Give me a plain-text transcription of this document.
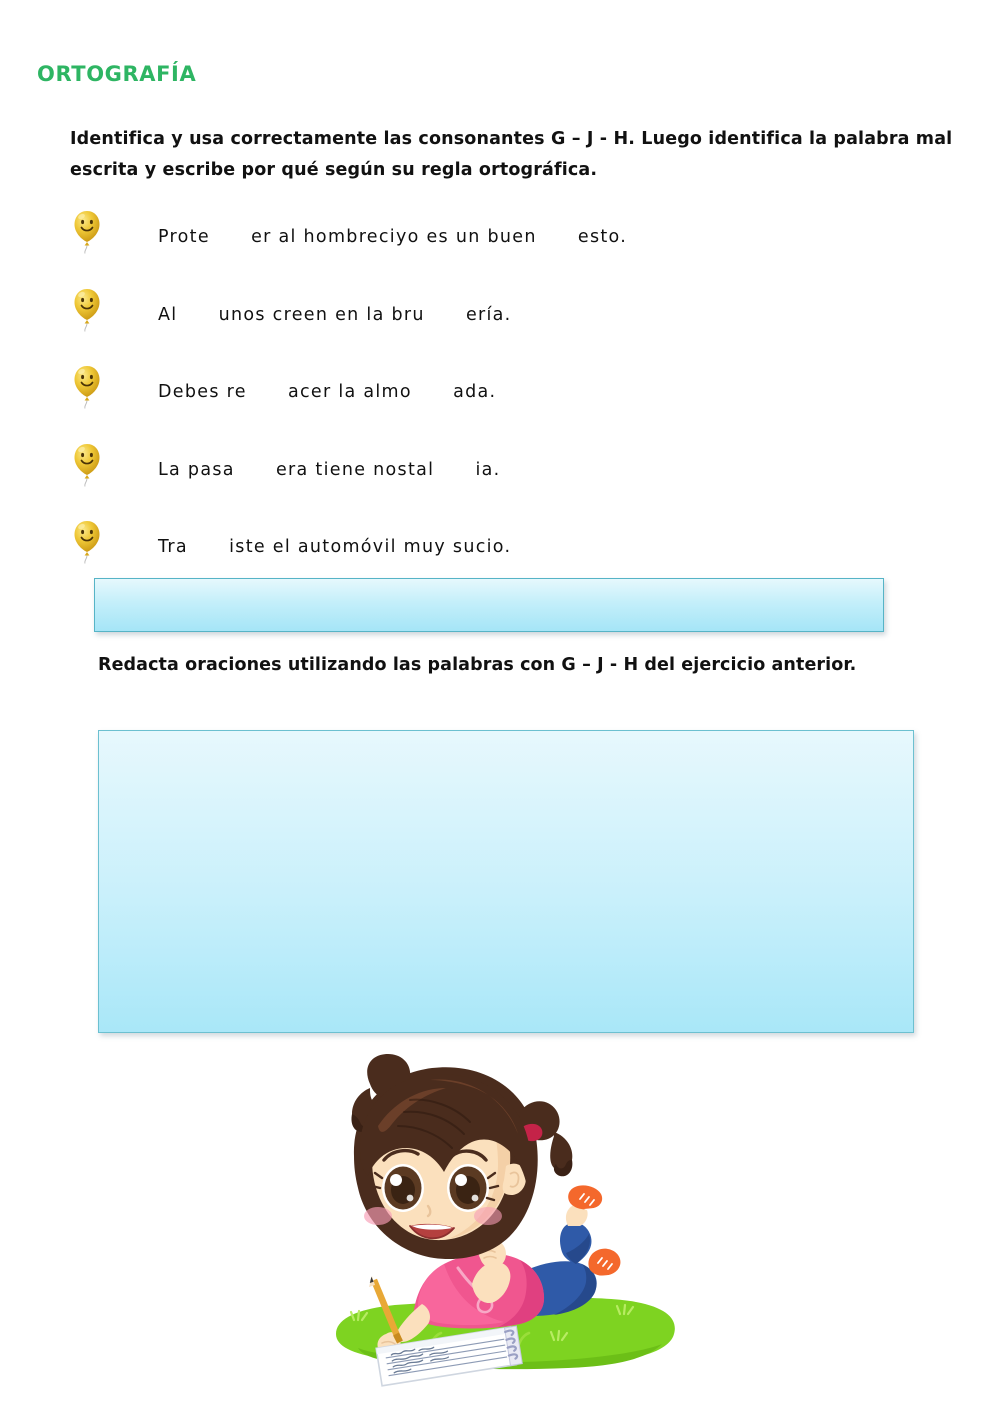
ORTOGRAFÍA
Identifica y usa correctamente las consonantes G – J - H. Luego identifica la palabra mal escrita y escribe por qué según su regla ortográfica.
Prote      er al hombreciyo es un buen      esto.
Al      unos creen en la bru      ería.
Debes re      acer la almo      ada.
La pasa      era tiene nostal      ia.
Tra      iste el automóvil muy sucio.
Redacta oraciones utilizando las palabras con G – J - H del ejercicio anterior.
